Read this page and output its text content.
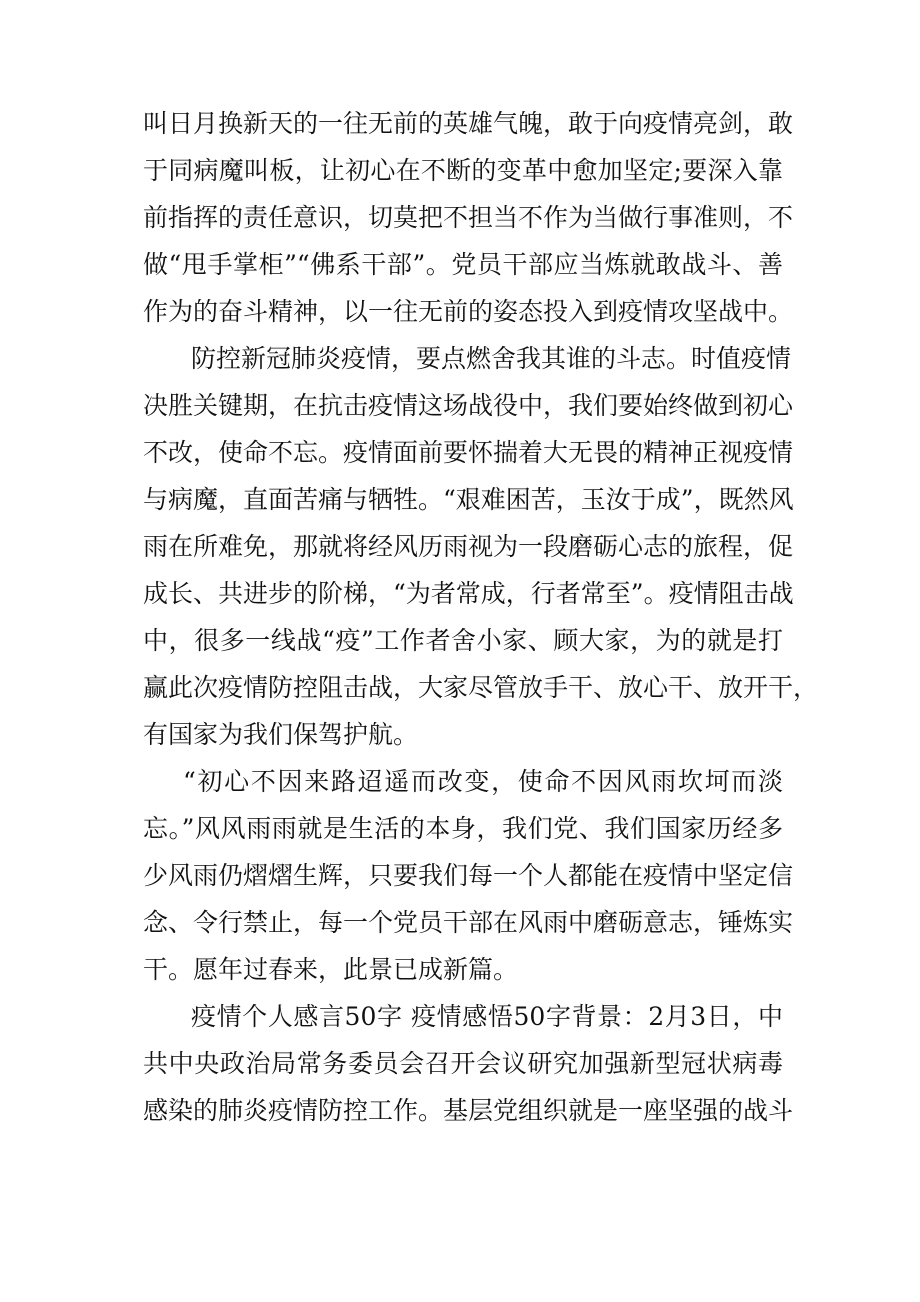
叫日月换新天的一往无前的英雄气魄，敢于向疫情亮剑，敢
于同病魔叫板，让初心在不断的变革中愈加坚定;要深入靠
前指挥的责任意识，切莫把不担当不作为当做行事准则，不
做“甩手掌柜”“佛系干部”。党员干部应当炼就敢战斗、善
作为的奋斗精神，以一往无前的姿态投入到疫情攻坚战中。
防控新冠肺炎疫情，要点燃舍我其谁的斗志。时值疫情
决胜关键期，在抗击疫情这场战役中，我们要始终做到初心
不改，使命不忘。疫情面前要怀揣着大无畏的精神正视疫情
与病魔，直面苦痛与牺牲。“艰难困苦，玉汝于成”，既然风
雨在所难免，那就将经风历雨视为一段磨砺心志的旅程，促
成长、共进步的阶梯，“为者常成，行者常至”。疫情阻击战
中，很多一线战“疫”工作者舍小家、顾大家，为的就是打
赢此次疫情防控阻击战，大家尽管放手干、放心干、放开干，
有国家为我们保驾护航。
“初心不因来路迢遥而改变，使命不因风雨坎坷而淡
忘。”风风雨雨就是生活的本身，我们党、我们国家历经多
少风雨仍熠熠生辉，只要我们每一个人都能在疫情中坚定信
念、令行禁止，每一个党员干部在风雨中磨砺意志，锤炼实
干。愿年过春来，此景已成新篇。
疫情个人感言50字 疫情感悟50字背景：2月3日，中
共中央政治局常务委员会召开会议研究加强新型冠状病毒
感染的肺炎疫情防控工作。基层党组织就是一座坚强的战斗
